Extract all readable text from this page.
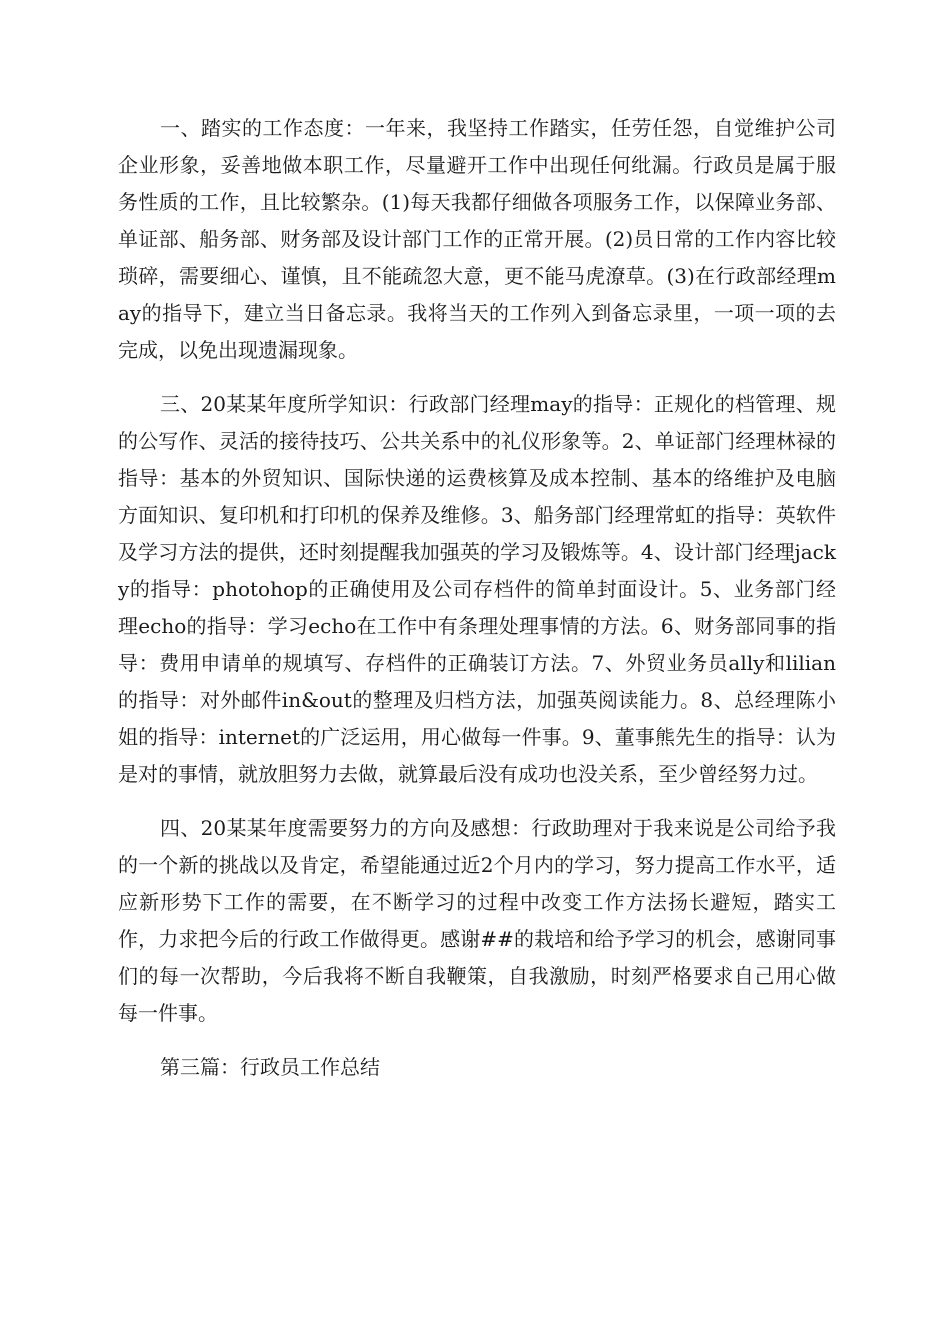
一、踏实的工作态度：一年来，我坚持工作踏实，任劳任怨，自觉维护公司企业形象，妥善地做本职工作，尽量避开工作中出现任何纰漏。行政员是属于服务性质的工作，且比较繁杂。(1)每天我都仔细做各项服务工作，以保障业务部、单证部、船务部、财务部及设计部门工作的正常开展。(2)员日常的工作内容比较琐碎，需要细心、谨慎，且不能疏忽大意，更不能马虎潦草。(3)在行政部经理may的指导下，建立当日备忘录。我将当天的工作列入到备忘录里，一项一项的去完成，以免出现遗漏现象。

三、20某某年度所学知识：行政部门经理may的指导：正规化的档管理、规的公写作、灵活的接待技巧、公共关系中的礼仪形象等。2、单证部门经理林禄的指导：基本的外贸知识、国际快递的运费核算及成本控制、基本的络维护及电脑方面知识、复印机和打印机的保养及维修。3、船务部门经理常虹的指导：英软件及学习方法的提供，还时刻提醒我加强英的学习及锻炼等。4、设计部门经理jacky的指导：photohop的正确使用及公司存档件的简单封面设计。5、业务部门经理echo的指导：学习echo在工作中有条理处理事情的方法。6、财务部同事的指导：费用申请单的规填写、存档件的正确装订方法。7、外贸业务员ally和lilian的指导：对外邮件in&out的整理及归档方法，加强英阅读能力。8、总经理陈小姐的指导：internet的广泛运用，用心做每一件事。9、董事熊先生的指导：认为是对的事情，就放胆努力去做，就算最后没有成功也没关系，至少曾经努力过。

四、20某某年度需要努力的方向及感想：行政助理对于我来说是公司给予我的一个新的挑战以及肯定，希望能通过近2个月内的学习，努力提高工作水平，适应新形势下工作的需要，在不断学习的过程中改变工作方法扬长避短，踏实工作，力求把今后的行政工作做得更。感谢##的栽培和给予学习的机会，感谢同事们的每一次帮助，今后我将不断自我鞭策，自我激励，时刻严格要求自己用心做每一件事。

第三篇：行政员工作总结
